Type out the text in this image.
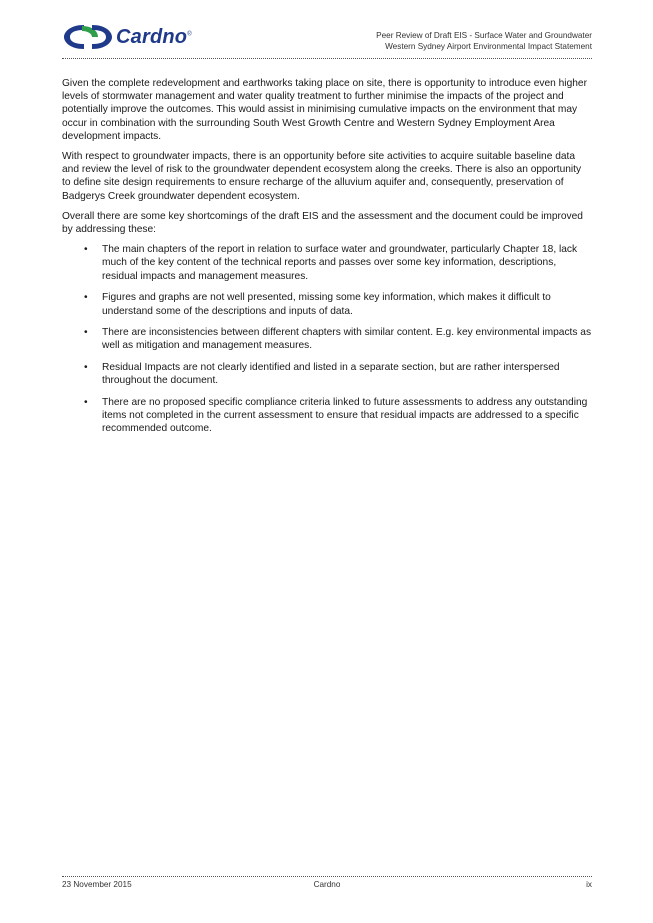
Cardno®	Peer Review of Draft EIS - Surface Water and Groundwater
Western Sydney Airport Environmental Impact Statement

Given the complete redevelopment and earthworks taking place on site, there is opportunity to introduce even higher levels of stormwater management and water quality treatment to further minimise the impacts of the project and potentially improve the outcomes. This would assist in minimising cumulative impacts on the environment that may occur in combination with the surrounding South West Growth Centre and Western Sydney Employment Area development impacts.

With respect to groundwater impacts, there is an opportunity before site activities to acquire suitable baseline data and review the level of risk to the groundwater dependent ecosystem along the creeks. There is also an opportunity to define site design requirements to ensure recharge of the alluvium aquifer and, consequently, preservation of Badgerys Creek groundwater dependent ecosystem.

Overall there are some key shortcomings of the draft EIS and the assessment and the document could be improved by addressing these:

• The main chapters of the report in relation to surface water and groundwater, particularly Chapter 18, lack much of the key content of the technical reports and passes over some key information, descriptions, residual impacts and management measures.
• Figures and graphs are not well presented, missing some key information, which makes it difficult to understand some of the descriptions and inputs of data.
• There are inconsistencies between different chapters with similar content. E.g. key environmental impacts as well as mitigation and management measures.
• Residual Impacts are not clearly identified and listed in a separate section, but are rather interspersed throughout the document.
• There are no proposed specific compliance criteria linked to future assessments to address any outstanding items not completed in the current assessment to ensure that residual impacts are addressed to a specific recommended outcome.
23 November 2015	Cardno	ix
